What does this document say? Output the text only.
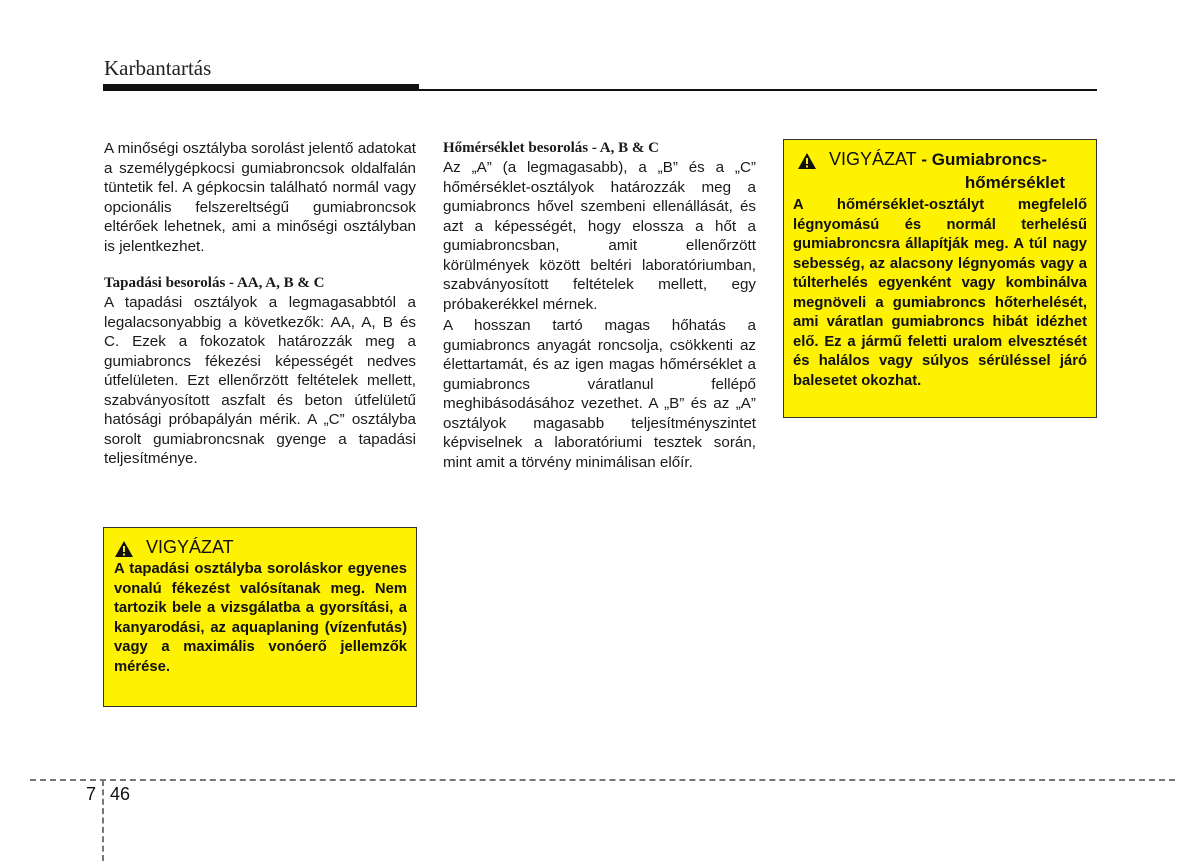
Karbantartás

A minőségi osztályba sorolást jelentő adatokat a személygépkocsi gumiabroncsok oldalfalán tüntetik fel. A gépkocsin található normál vagy opcionális felszereltségű gumiabroncsok eltérőek lehetnek, ami a minőségi osztályban is jelentkezhet.

Tapadási besorolás - AA, A, B & C

A tapadási osztályok a legmagasabbtól a legalacsonyabbig a következők: AA, A, B és C. Ezek a fokozatok határozzák meg a gumiabroncs fékezési képességét nedves útfelületen. Ezt ellenőrzött feltételek mellett, szabványosított aszfalt és beton útfelületű hatósági próbapályán mérik. A „C” osztályba sorolt gumiabroncsnak gyenge a tapadási teljesítménye.

Hőmérséklet besorolás - A, B & C

Az „A” (a legmagasabb), a „B” és a „C” hőmérséklet-osztályok határozzák meg a gumiabroncs hővel szembeni ellenállását, és azt a képességét, hogy elossza a hőt a gumiabroncsban, amit ellenőrzött körülmények között beltéri laboratóriumban, szabványosított feltételek mellett, egy próbakerékkel mérnek.

A hosszan tartó magas hőhatás a gumiabroncs anyagát roncsolja, csökkenti az élettartamát, és az igen magas hőmérséklet a gumiabroncs váratlanul fellépő meghibásodásához vezethet. A „B” és az „A” osztályok magasabb teljesítményszintet képviselnek a laboratóriumi tesztek során, mint amit a törvény minimálisan előír.

VIGYÁZAT

A tapadási osztályba soroláskor egyenes vonalú fékezést valósítanak meg. Nem tartozik bele a vizsgálatba a gyorsítási, a kanyarodási, az aquaplaning (vízenfutás) vagy a maximális vonóerő jellemzők mérése.

VIGYÁZAT - Gumiabroncs-
hőmérséklet

A hőmérséklet-osztályt megfelelő légnyomású és normál terhelésű gumiabroncsra állapítják meg. A túl nagy sebesség, az alacsony légnyomás vagy a túlterhelés egyenként vagy kombinálva megnöveli a gumiabroncs hőterhelését, ami váratlan gumiabroncs hibát idézhet elő. Ez a jármű feletti uralom elvesztését és halálos vagy súlyos sérüléssel járó balesetet okozhat.

7 46
